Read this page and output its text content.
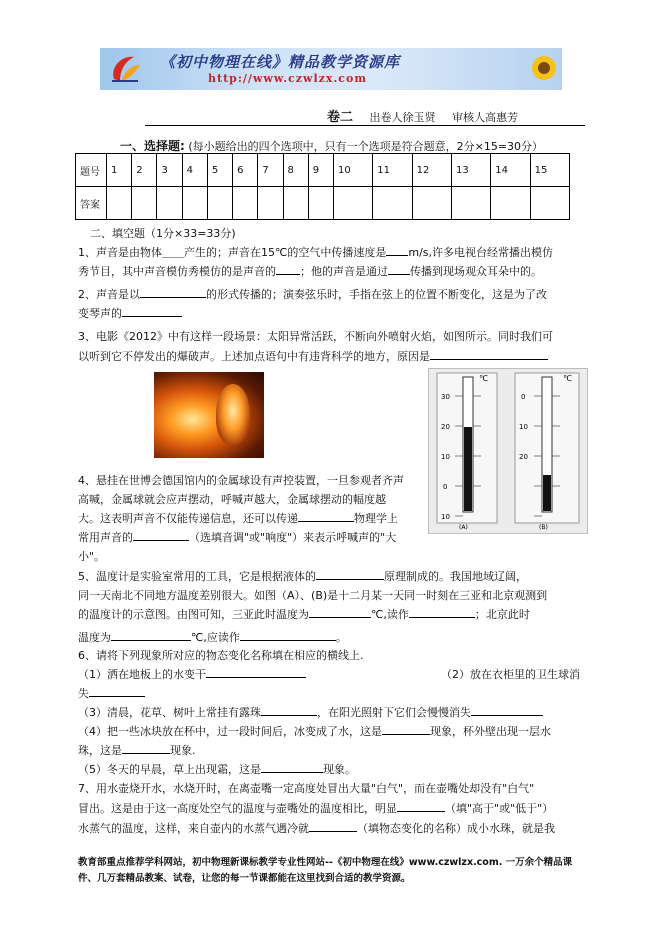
《初中物理在线》精品教学资源库
http://www.czwlzx.com
卷二 出卷人徐玉贤 审核人高惠芳
一、选择题: (每小题给出的四个选项中，只有一个选项是符合题意，2分×15=30分）
题号	1	2	3	4	5	6	7	8	9	10	11	12	13	14	15
答案															
二、填空题（1分×33=33分)
1、声音是由物体＿＿产生的；声音在15℃的空气中传播速度是 m/s,许多电视台经常播出模仿
秀节目，其中声音模仿秀模仿的是声音的 ；他的声音是通过 传播到现场观众耳朵中的。
2、声音是以	的形式传播的；演奏弦乐时，手指在弦上的位置不断变化，这是为了改
变琴声的
3、电影《2012》中有这样一段场景：太阳异常活跃，不断向外喷射火焰，如图所示。同时我们可
以听到它不停发出的爆破声。上述加点语句中有违背科学的地方，原因是
℃
30
20
10
0
10
(A)
℃
0
10
20
(B)
4、悬挂在世博会德国馆内的金属球设有声控装置，一旦参观者齐声
高喊，金属球就会应声摆动，呼喊声越大，金属球摆动的幅度越
大。这表明声音不仅能传递信息，还可以传递	物理学上
常用声音的	（选填音调"或"响度"）来表示呼喊声的"大
小"。
5、温度计是实验室常用的工具，它是根据液体的	原理制成的。我国地域辽阔，
同一天南北不同地方温度差别很大。如图（A）、(B)是十二月某一天同一时刻在三亚和北京观测到
的温度计的示意图。由图可知，三亚此时温度为	℃,读作	；北京此时
温度为	℃,应读作	。
6、请将下列现象所对应的物态变化名称填在相应的横线上.
（1）洒在地板上的水变干	（2）放在衣柜里的卫生球消
失
（3）清晨，花草、树叶上常挂有露珠	，在阳光照射下它们会慢慢消失
（4）把一些冰块放在杯中，过一段时间后，冰变成了水，这是	现象，杯外壁出现一层水
珠，这是	现象.
（5）冬天的早晨，草上出现霜，这是	现象。
7、用水壶烧开水，水烧开时，在离壶嘴一定高度处冒出大量"白气"，而在壶嘴处却没有"白气"
冒出。这是由于这一高度处空气的温度与壶嘴处的温度相比，明显	（填"高于"或"低于"）
水蒸气的温度，这样，来自壶内的水蒸气遇冷就	（填物态变化的名称）成小水珠，就是我
教育部重点推荐学科网站，初中物理新课标教学专业性网站--《初中物理在线》www.czwlzx.com. 一万余个精品课
件、几万套精品教案、试卷，让您的每一节课都能在这里找到合适的教学资源。
